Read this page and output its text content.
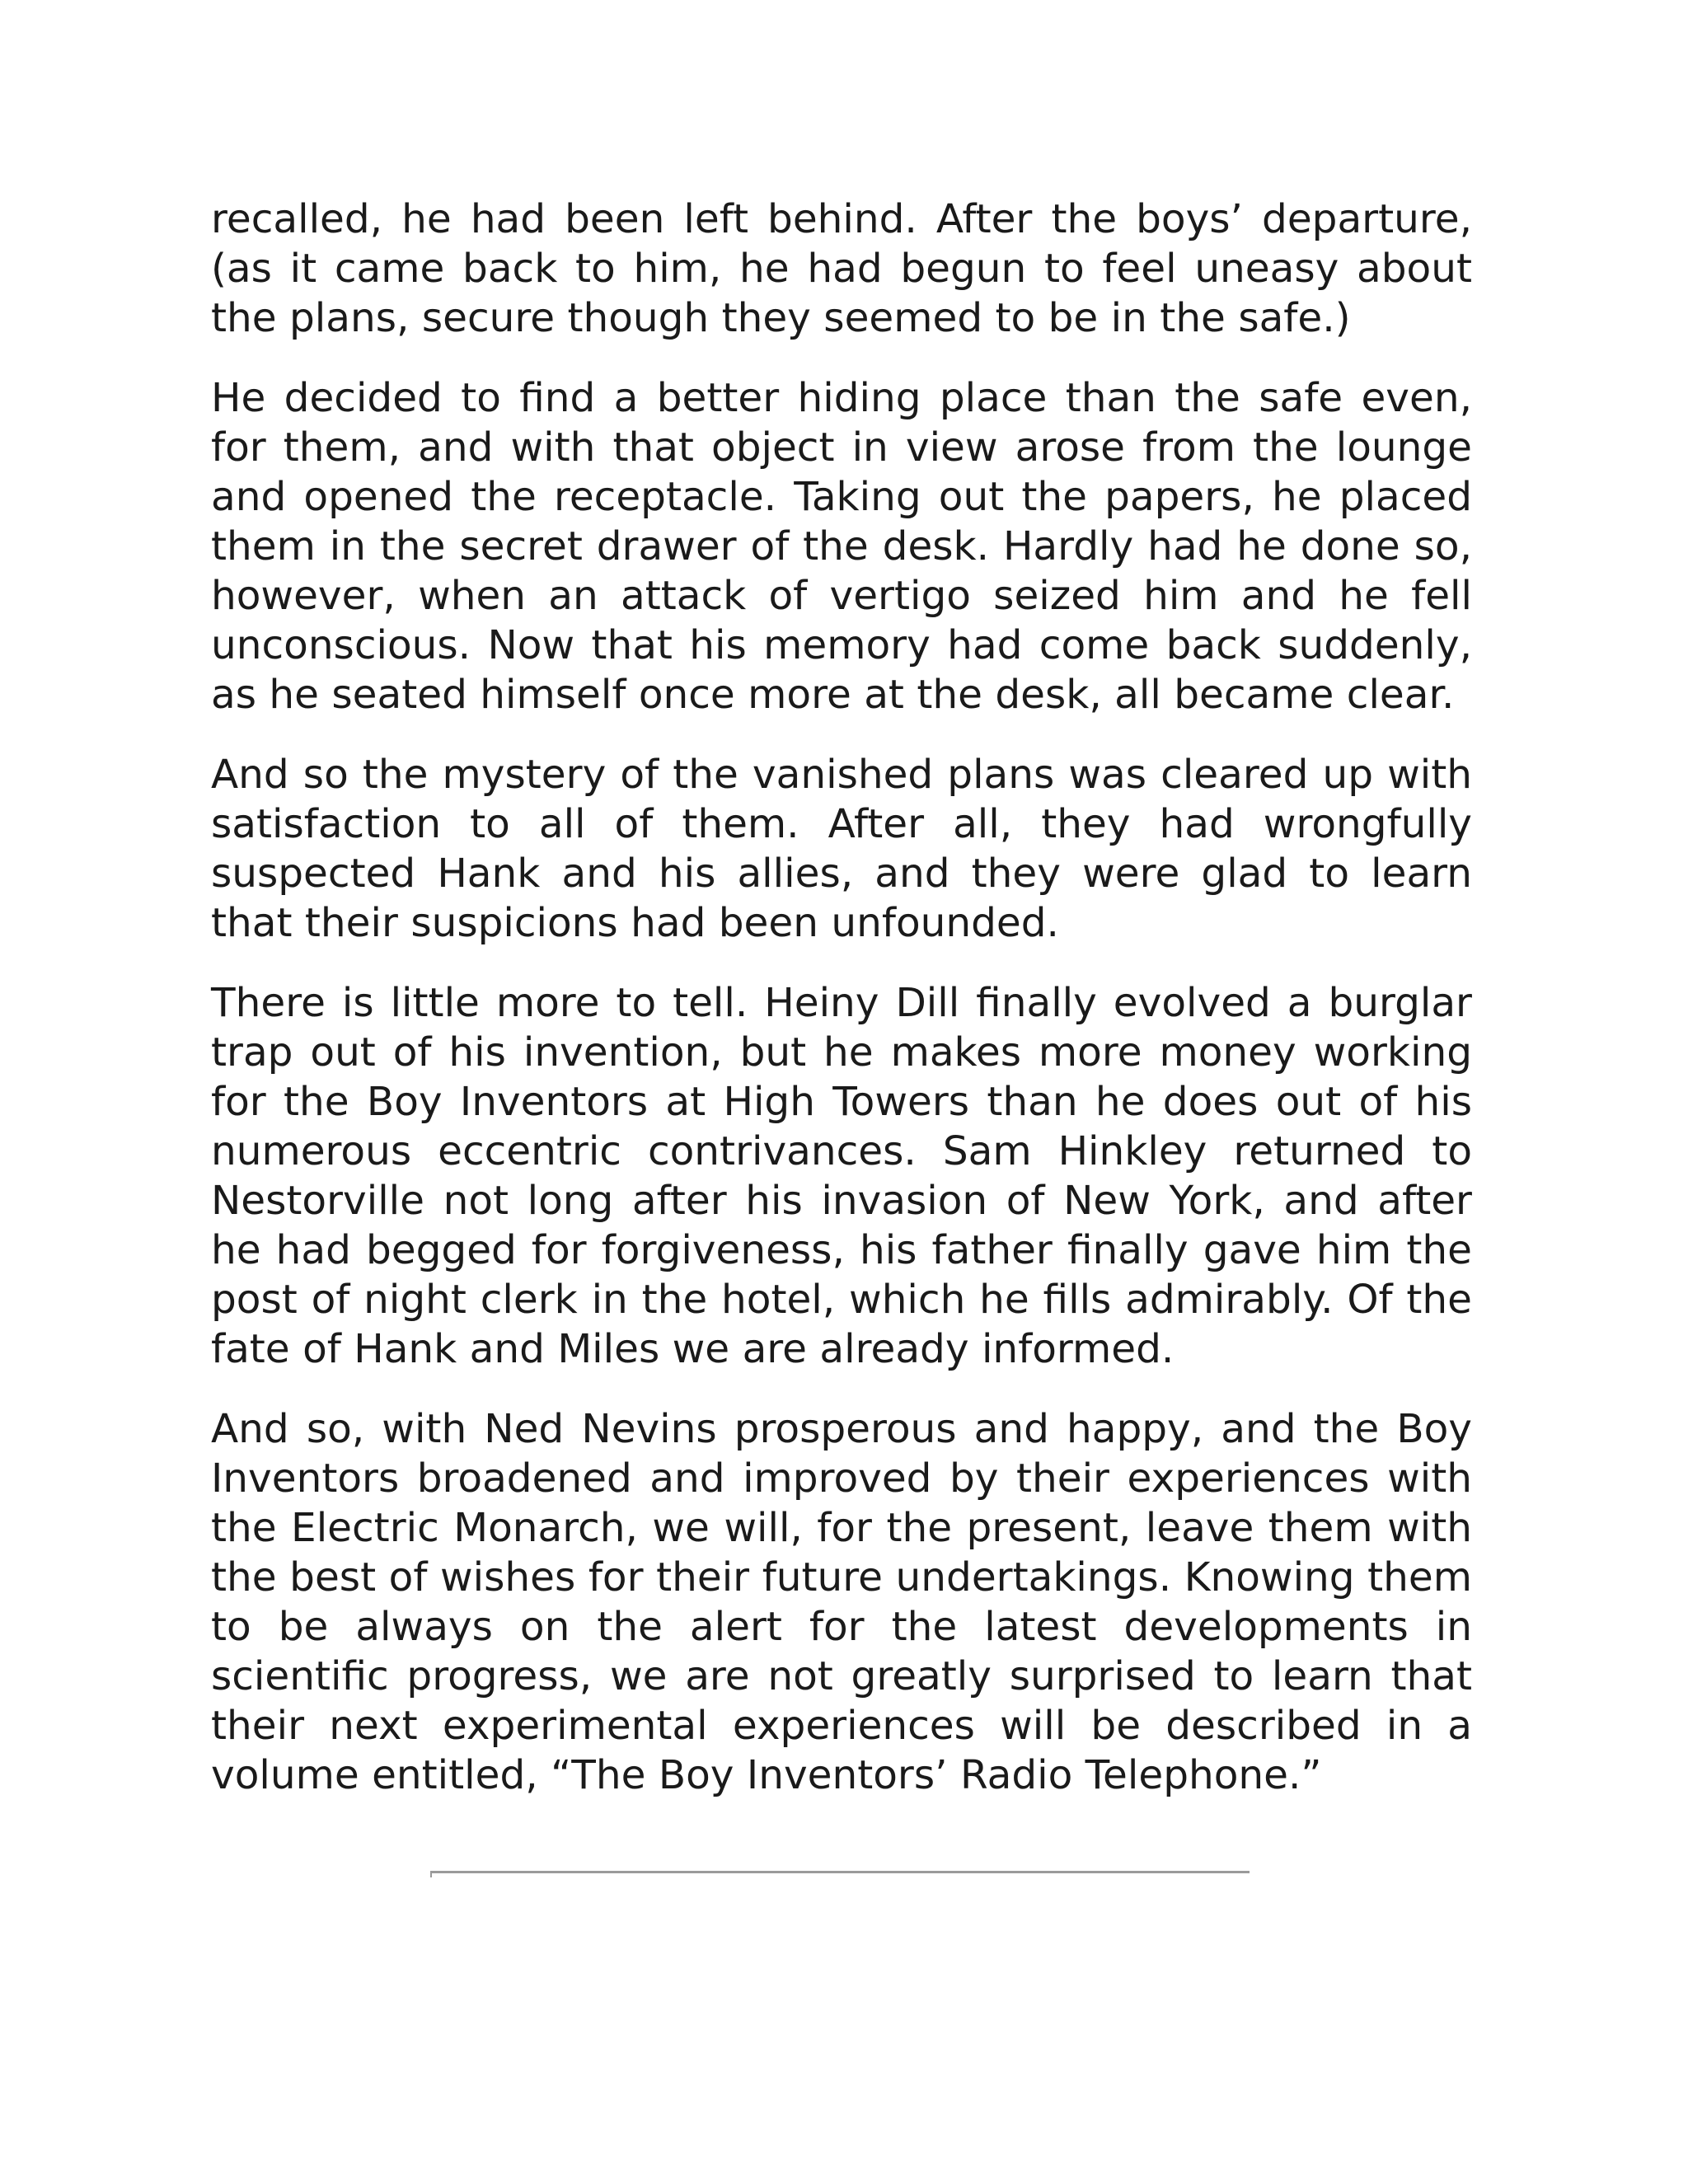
recalled, he had been left behind. After the boys’ departure, (as it came back to him, he had begun to feel uneasy about the plans, secure though they seemed to be in the safe.)

He decided to find a better hiding place than the safe even, for them, and with that object in view arose from the lounge and opened the receptacle. Taking out the papers, he placed them in the secret drawer of the desk. Hardly had he done so, however, when an attack of vertigo seized him and he fell unconscious. Now that his memory had come back suddenly, as he seated himself once more at the desk, all became clear.

And so the mystery of the vanished plans was cleared up with satisfaction to all of them. After all, they had wrongfully suspected Hank and his allies, and they were glad to learn that their suspicions had been unfounded.

There is little more to tell. Heiny Dill finally evolved a burglar trap out of his invention, but he makes more money working for the Boy Inventors at High Towers than he does out of his numerous eccentric contrivances. Sam Hinkley returned to Nestorville not long after his invasion of New York, and after he had begged for forgiveness, his father finally gave him the post of night clerk in the hotel, which he fills admirably. Of the fate of Hank and Miles we are already informed.

And so, with Ned Nevins prosperous and happy, and the Boy Inventors broadened and improved by their experiences with the Electric Monarch, we will, for the present, leave them with the best of wishes for their future undertakings. Knowing them to be always on the alert for the latest developments in scientific progress, we are not greatly surprised to learn that their next experimental experiences will be described in a volume entitled, “The Boy Inventors’ Radio Telephone.”
